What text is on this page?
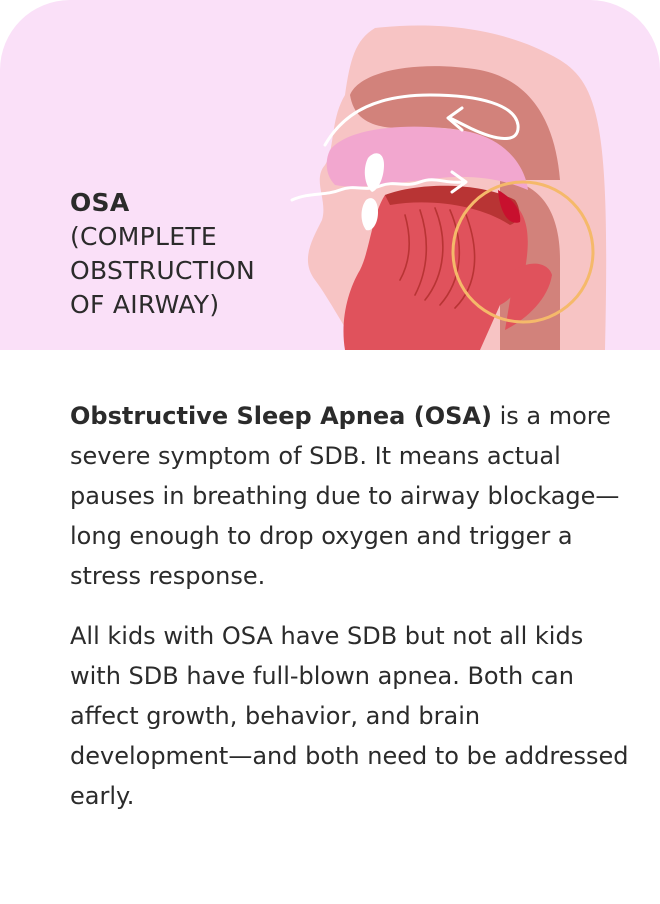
OSA
(COMPLETE
OBSTRUCTION
OF AIRWAY)

Obstructive Sleep Apnea (OSA) is a more severe symptom of SDB. It means actual pauses in breathing due to airway blockage—long enough to drop oxygen and trigger a stress response.

All kids with OSA have SDB but not all kids with SDB have full-blown apnea. Both can affect growth, behavior, and brain development—and both need to be addressed early.
